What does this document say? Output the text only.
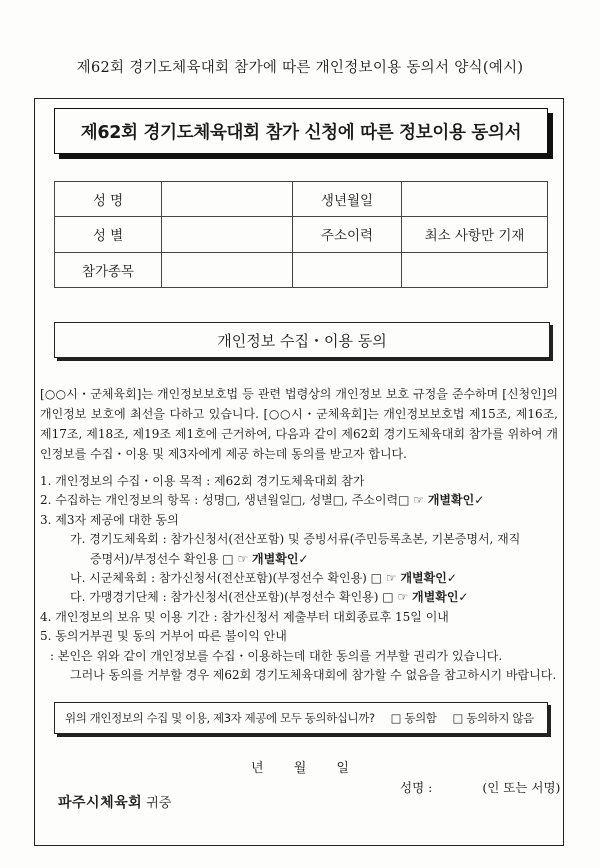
제62회 경기도체육대회 참가에 따른 개인정보이용 동의서 양식(예시)
제62회 경기도체육대회 참가 신청에 따른 정보이용 동의서
성 명		생년월일	
성 별		주소이력	최소 사항만 기재
참가종목			
개인정보 수집・이용 동의

[○○시・군체육회]는 개인정보보호법 등 관련 법령상의 개인정보 보호 규정을 준수하며 [신청인]의 개인정보 보호에 최선을 다하고 있습니다. [○○시・군체육회]는 개인정보보호법 제15조, 제16조, 제17조, 제18조, 제19조 제1호에 근거하여, 다음과 같이 제62회 경기도체육대회 참가를 위하여 개인정보를 수집・이용 및 제3자에게 제공 하는데 동의를 받고자 합니다.

1. 개인정보의 수집・이용 목적 : 제62회 경기도체육대회 참가
2. 수집하는 개인정보의 항목 : 성명□, 생년월일□, 성별□, 주소이력□ ☞ 개별확인✓
3. 제3자 제공에 대한 동의
가. 경기도체육회 : 참가신청서(전산포함) 및 증빙서류(주민등록초본, 기본증명서, 재직
증명서)/부정선수 확인용 □ ☞ 개별확인✓
나. 시군체육회 : 참가신청서(전산포함)(부정선수 확인용) □ ☞ 개별확인✓
다. 가맹경기단체 : 참가신청서(전산포함)(부정선수 확인용) □ ☞ 개별확인✓
4. 개인정보의 보유 및 이용 기간 : 참가신청서 제출부터 대회종료후 15일 이내
5. 동의거부권 및 동의 거부어 따른 불이익 안내
: 본인은 위와 같이 개인정보를 수집・이용하는데 대한 동의를 거부할 권리가 있습니다.
그러나 동의를 거부할 경우 제62회 경기도체육대회에 참가할 수 없음을 참고하시기 바랍니다.
위의 개인정보의 수집 및 이용, 제3자 제공에 모두 동의하십니까? □ 동의함 □ 동의하지 않음
년 월 일
성명 :	(인 또는 서명)
파주시체육회 귀중
